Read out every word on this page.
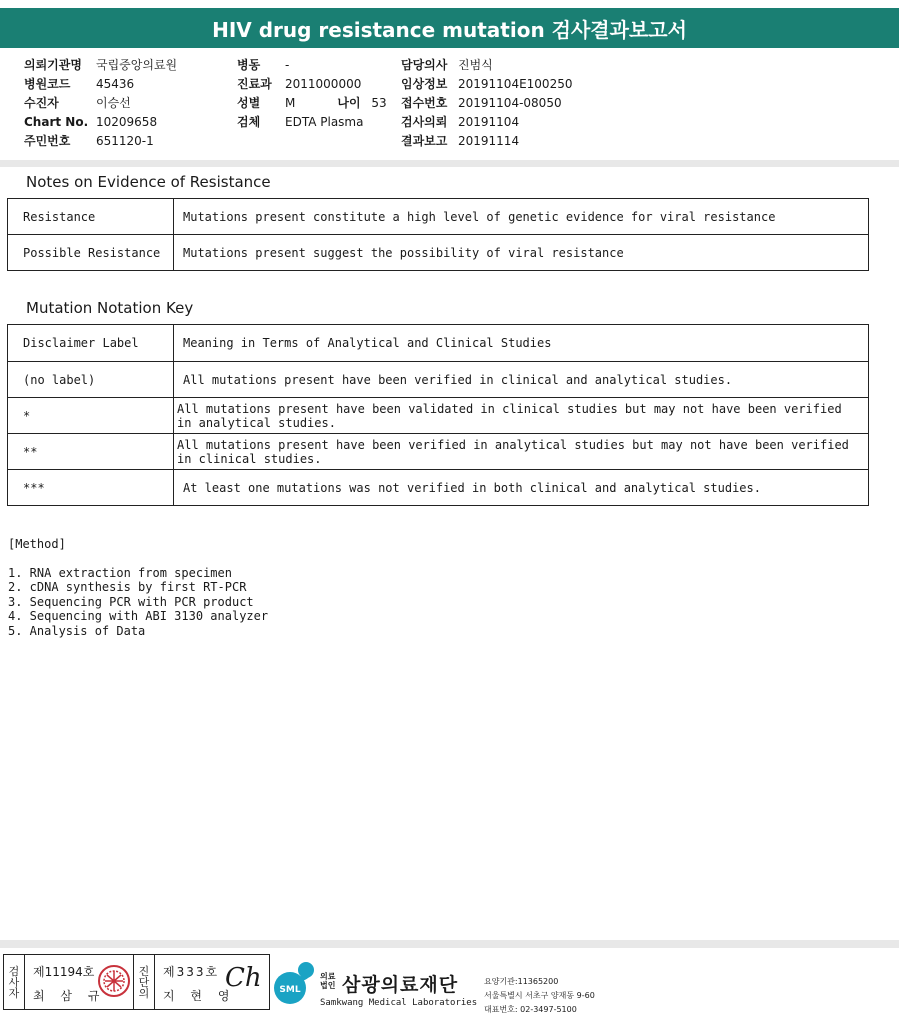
HIV drug resistance mutation 검사결과보고서
의뢰기관명	국립중앙의료원
병원코드	45436
수진자	이승선
Chart No. 10209658
주민번호	651120-1
병동	-
진료과	2011000000
성별	M	나이 53
검체	EDTA Plasma
담당의사 진범식
임상정보 20191104E100250
접수번호 20191104-08050
검사의뢰 20191104
결과보고 20191114
Notes on Evidence of Resistance
Resistance	Mutations present constitute a high level of genetic evidence for viral resistance
Possible Resistance	Mutations present suggest the possibility of viral resistance
Mutation Notation Key
Disclaimer Label	Meaning in Terms of Analytical and Clinical Studies
(no label)	All mutations present have been verified in clinical and analytical studies.
*	All mutations present have been validated in clinical studies but may not have been verified in analytical studies.
**	All mutations present have been verified in analytical studies but may not have been verified in clinical studies.
***	At least one mutations was not verified in both clinical and analytical studies.
[Method]
1. RNA extraction from specimen
2. cDNA synthesis by first RT-PCR
3. Sequencing PCR with PCR product
4. Sequencing with ABI 3130 analyzer
5. Analysis of Data
검
사
자
제11194호
최 삼 규
진
단
의
제333호
지 현 영
Ch SML
의료
법인 삼광의료재단
Samkwang Medical Laboratories
요양기관:11365200
서울특별시 서초구 양재동 9-60
대표번호: 02-3497-5100
